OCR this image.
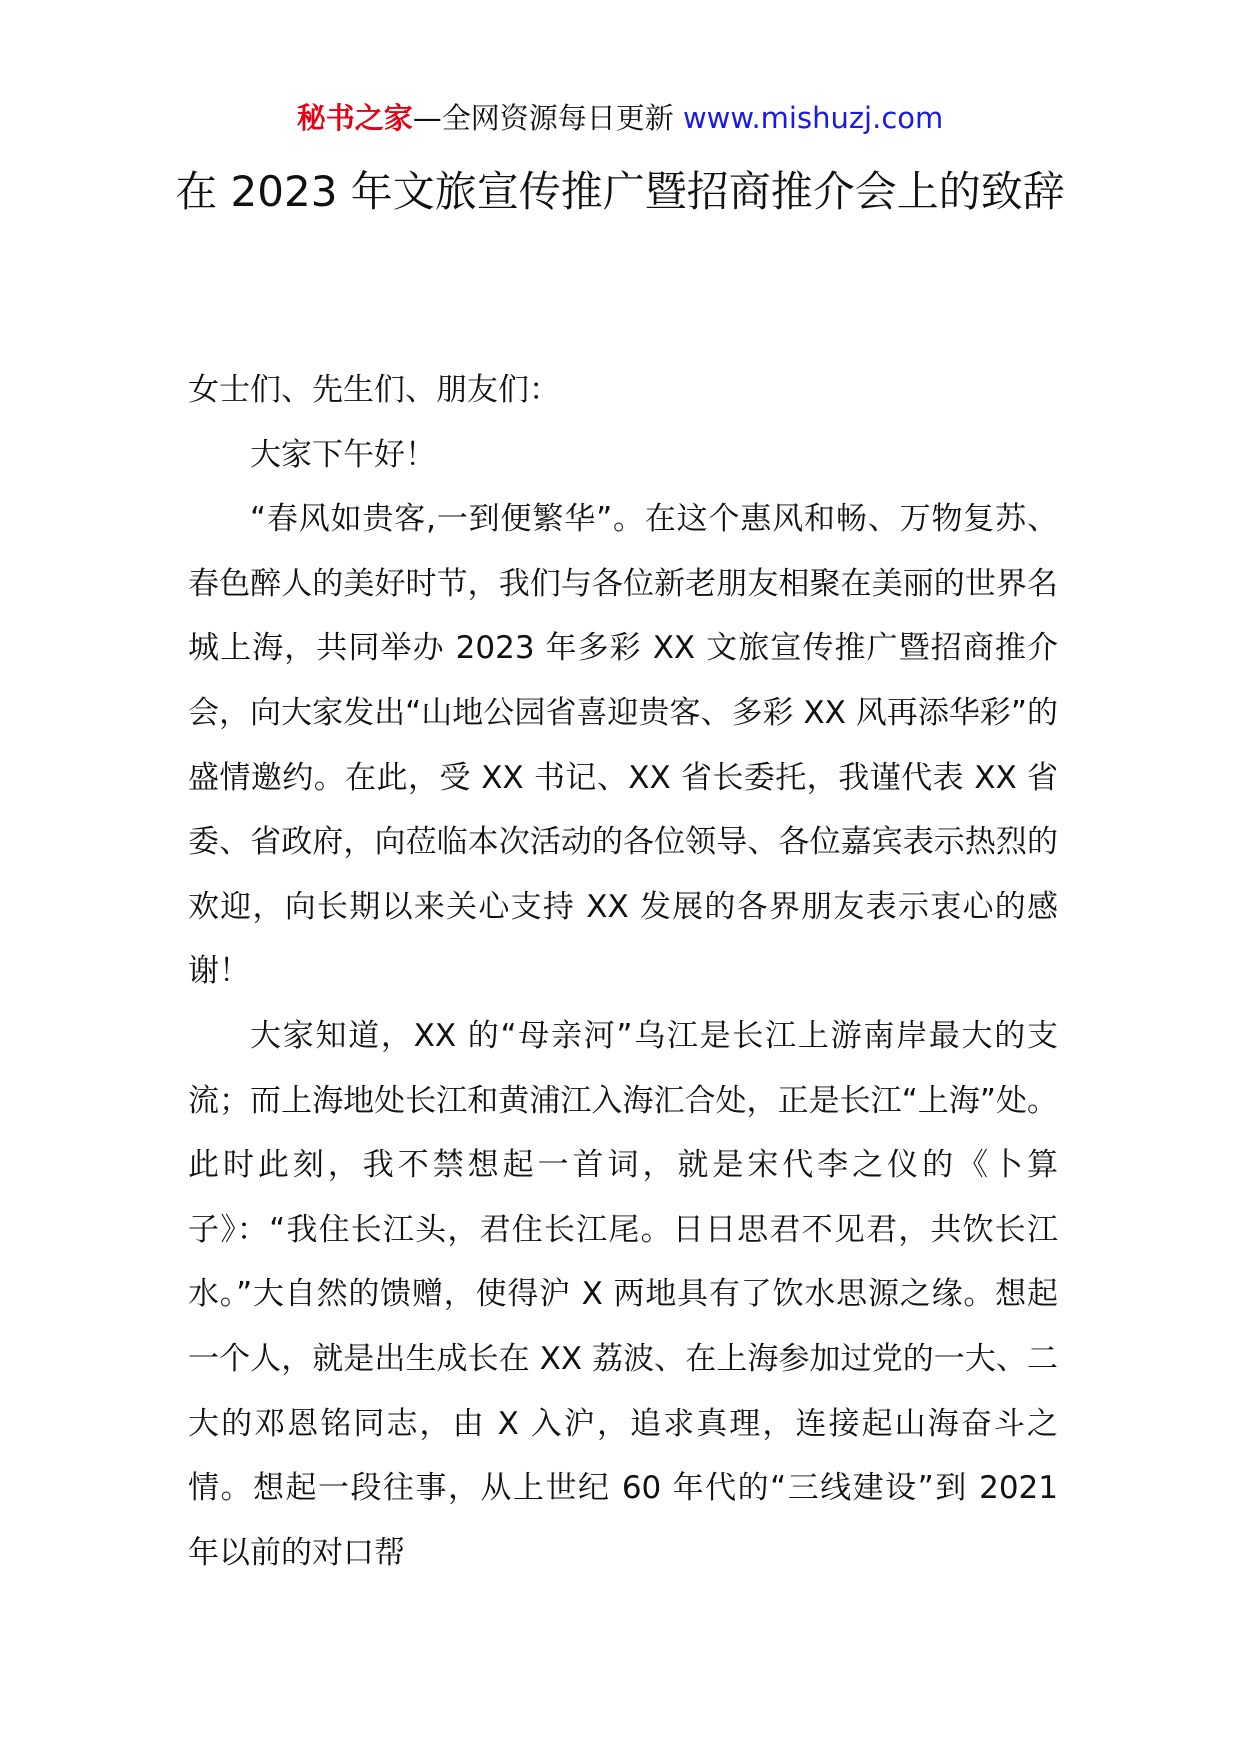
秘书之家—全网资源每日更新 www.mishuzj.com
在 2023 年文旅宣传推广暨招商推介会上的致辞

女士们、先生们、朋友们：

大家下午好！

“春风如贵客,一到便繁华”。在这个惠风和畅、万物复苏、春色醉人的美好时节，我们与各位新老朋友相聚在美丽的世界名城上海，共同举办 2023 年多彩 XX 文旅宣传推广暨招商推介会，向大家发出“山地公园省喜迎贵客、多彩 XX 风再添华彩”的盛情邀约。在此，受 XX 书记、XX 省长委托，我谨代表 XX 省委、省政府，向莅临本次活动的各位领导、各位嘉宾表示热烈的欢迎，向长期以来关心支持 XX 发展的各界朋友表示衷心的感谢！

大家知道，XX 的“母亲河”乌江是长江上游南岸最大的支流；而上海地处长江和黄浦江入海汇合处，正是长江“上海”处。此时此刻，我不禁想起一首词，就是宋代李之仪的《卜算子》：“我住长江头，君住长江尾。日日思君不见君，共饮长江水。”大自然的馈赠，使得沪 X 两地具有了饮水思源之缘。想起一个人，就是出生成长在 XX 荔波、在上海参加过党的一大、二大的邓恩铭同志，由 X 入沪，追求真理，连接起山海奋斗之情。想起一段往事，从上世纪 60 年代的“三线建设”到 2021 年以前的对口帮
